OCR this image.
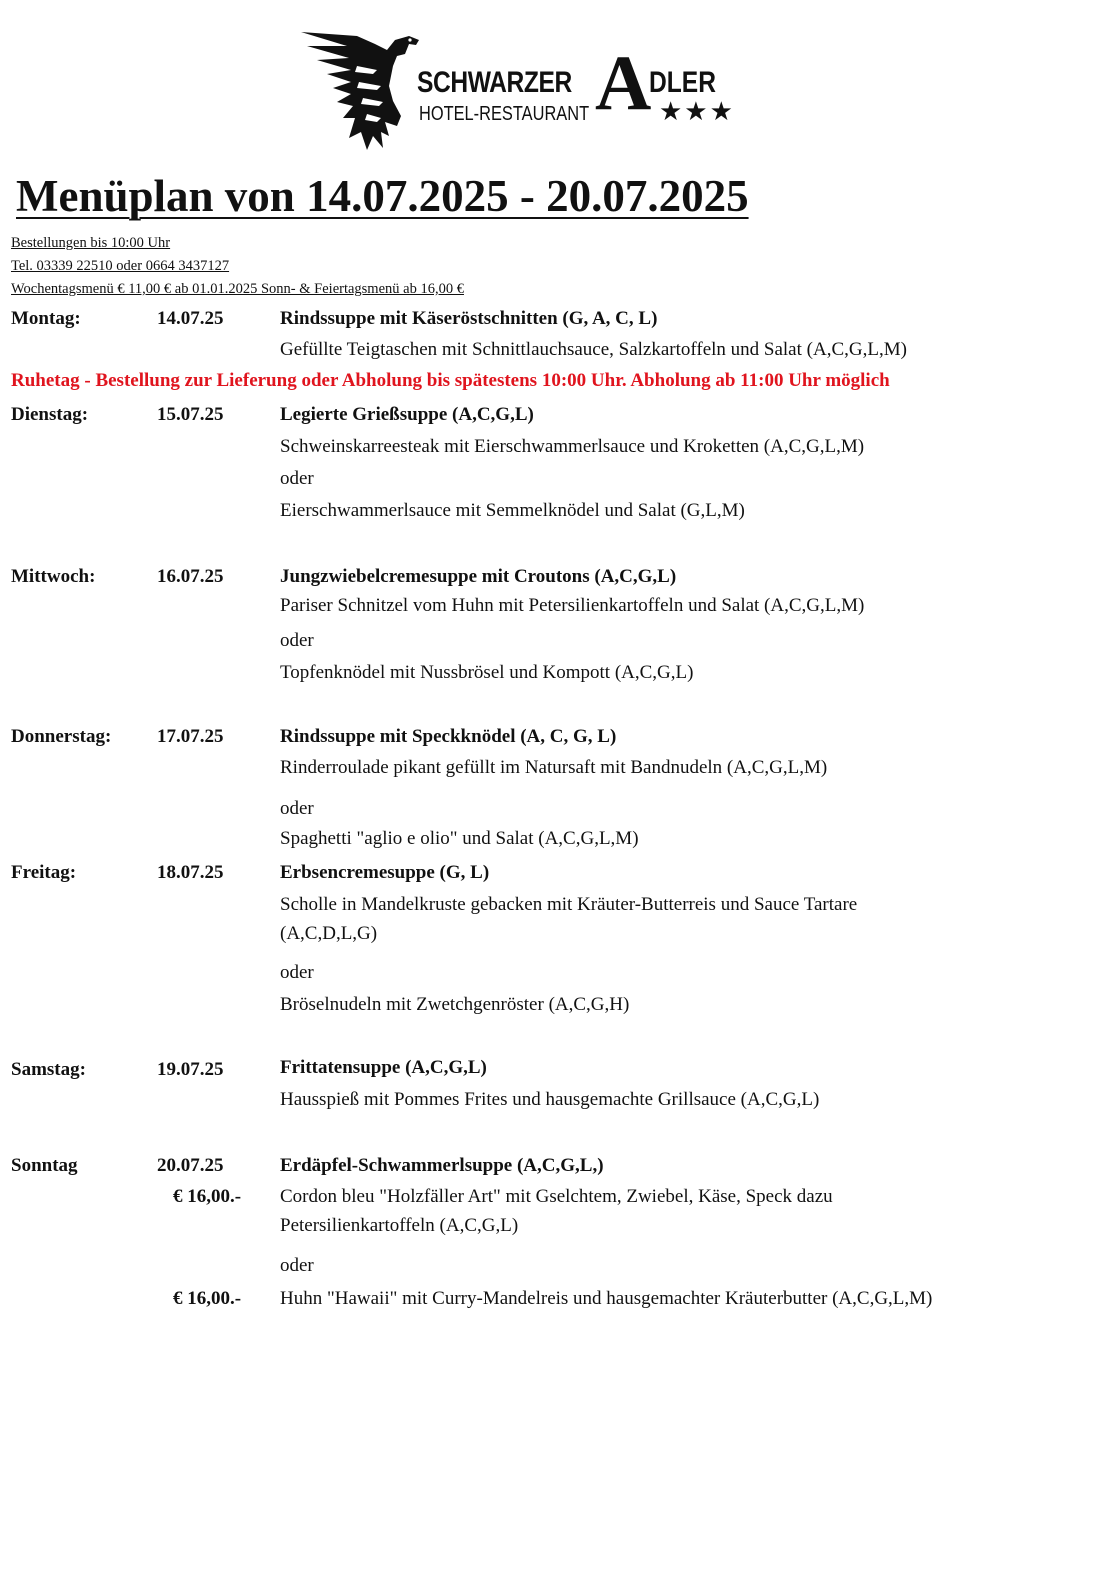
SCHWARZER A
DLER
HOTEL-RESTAURANT	★★★
Menüplan von 14.07.2025 - 20.07.2025
Bestellungen bis 10:00 Uhr
Tel. 03339 22510 oder 0664 3437127
Wochentagsmenü € 11,00 € ab 01.01.2025 Sonn- & Feiertagsmenü ab 16,00 €
Montag:	14.07.25	Rindssuppe mit Käseröstschnitten (G, A, C, L)
Gefüllte Teigtaschen mit Schnittlauchsauce, Salzkartoffeln und Salat (A,C,G,L,M)
Ruhetag - Bestellung zur Lieferung oder Abholung bis spätestens 10:00 Uhr. Abholung ab 11:00 Uhr möglich
Dienstag:	15.07.25	Legierte Grießsuppe (A,C,G,L)
Schweinskarreesteak mit Eierschwammerlsauce und Kroketten (A,C,G,L,M)
oder
Eierschwammerlsauce mit Semmelknödel und Salat (G,L,M)
Mittwoch:	16.07.25	Jungzwiebelcremesuppe mit Croutons (A,C,G,L)
Pariser Schnitzel vom Huhn mit Petersilienkartoffeln und Salat (A,C,G,L,M)
oder
Topfenknödel mit Nussbrösel und Kompott (A,C,G,L)
Donnerstag: 17.07.25	Rindssuppe mit Speckknödel (A, C, G, L)
Rinderroulade pikant gefüllt im Natursaft mit Bandnudeln (A,C,G,L,M)
oder
Spaghetti "aglio e olio" und Salat (A,C,G,L,M)
Freitag:	18.07.25	Erbsencremesuppe (G, L)
Scholle in Mandelkruste gebacken mit Kräuter-Butterreis und Sauce Tartare
(A,C,D,L,G)
oder
Bröselnudeln mit Zwetchgenröster (A,C,G,H)
Samstag:	19.07.25	Frittatensuppe (A,C,G,L)
Hausspieß mit Pommes Frites und hausgemachte Grillsauce (A,C,G,L)
Sonntag	20.07.25	Erdäpfel-Schwammerlsuppe (A,C,G,L,)
€ 16,00.- Cordon bleu "Holzfäller Art" mit Gselchtem, Zwiebel, Käse, Speck dazu
Petersilienkartoffeln (A,C,G,L)
oder
€ 16,00.- Huhn "Hawaii" mit Curry-Mandelreis und hausgemachter Kräuterbutter (A,C,G,L,M)
